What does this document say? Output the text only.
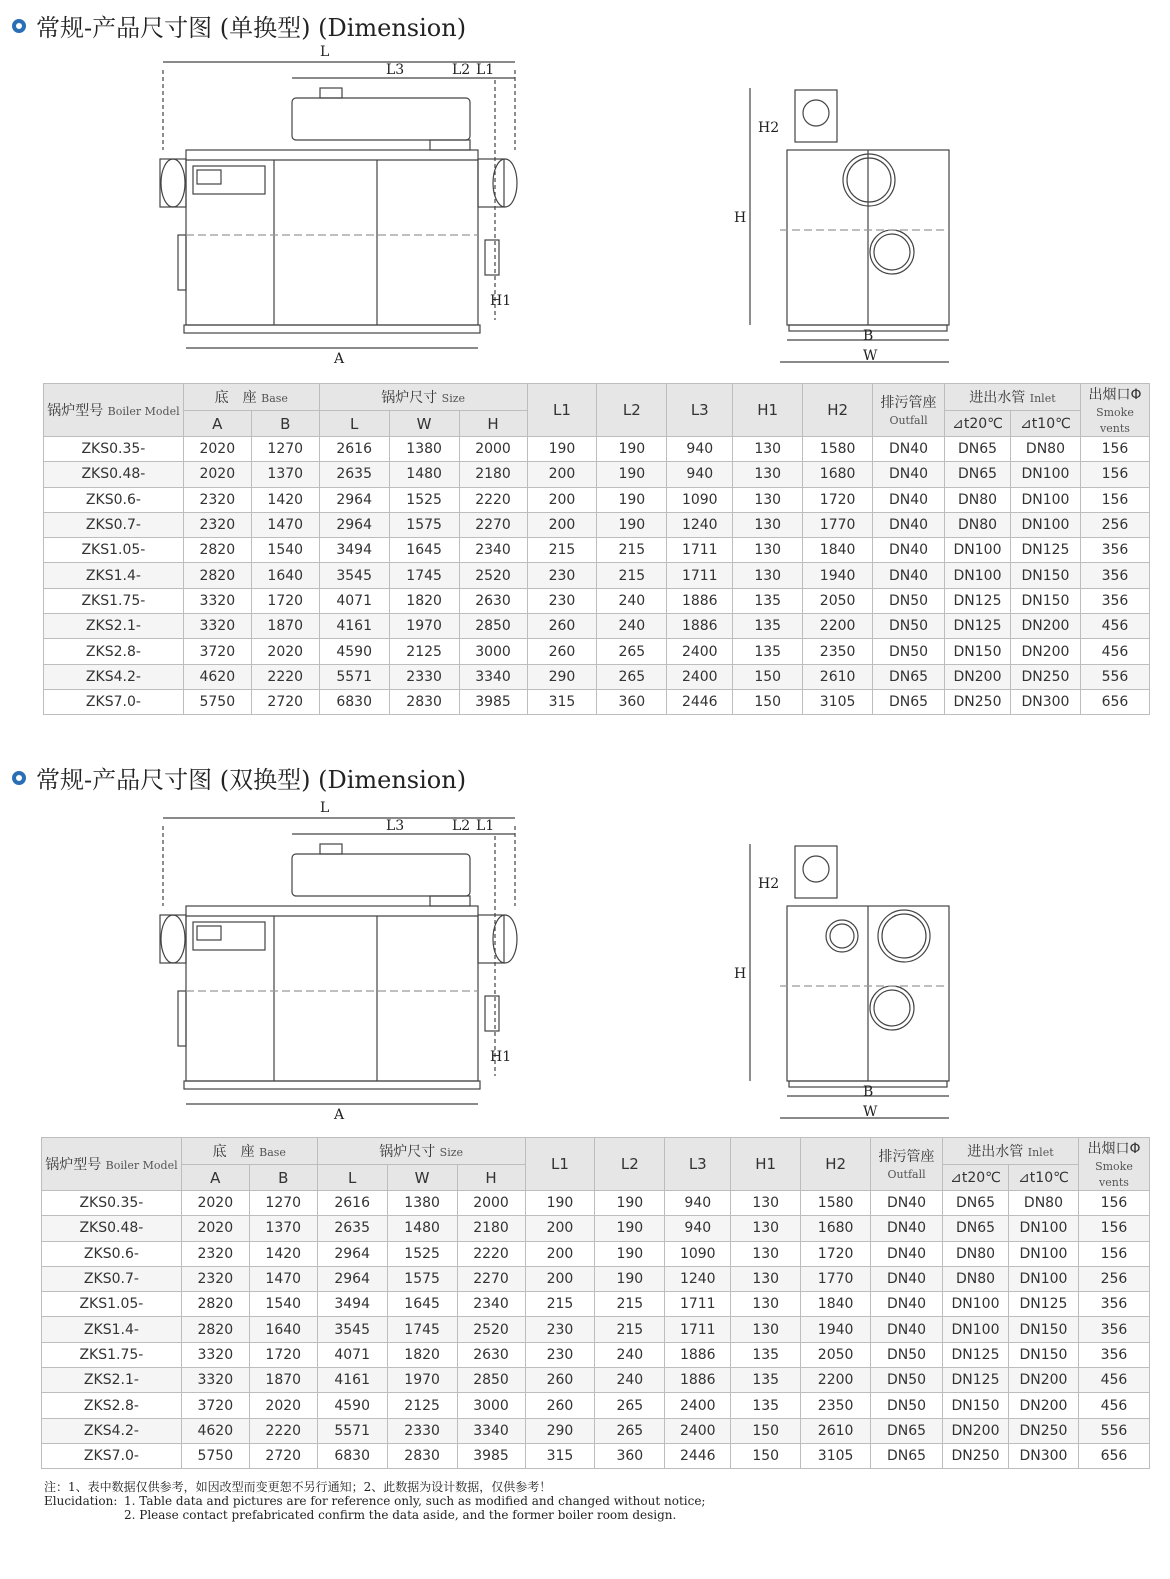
常规-产品尺寸图 (单换型) (Dimension)
L
L3	L2 L1
H1
A
H2
H
B
W
锅炉型号 Boiler Model	底　座 Base		锅炉尺寸 Size			L1	L2	L3	H1	H2	排污管座
Outfall	进出水管 Inlet		出烟口Φ
Smoke vents
	A	B	L	W	H							⊿t20℃	⊿t10℃	
ZKS0.35-	2020	1270	2616	1380	2000	190	190	940	130	1580	DN40	DN65	DN80	156
ZKS0.48-	2020	1370	2635	1480	2180	200	190	940	130	1680	DN40	DN65	DN100	156
ZKS0.6-	2320	1420	2964	1525	2220	200	190	1090	130	1720	DN40	DN80	DN100	156
ZKS0.7-	2320	1470	2964	1575	2270	200	190	1240	130	1770	DN40	DN80	DN100	256
ZKS1.05-	2820	1540	3494	1645	2340	215	215	1711	130	1840	DN40	DN100	DN125	356
ZKS1.4-	2820	1640	3545	1745	2520	230	215	1711	130	1940	DN40	DN100	DN150	356
ZKS1.75-	3320	1720	4071	1820	2630	230	240	1886	135	2050	DN50	DN125	DN150	356
ZKS2.1-	3320	1870	4161	1970	2850	260	240	1886	135	2200	DN50	DN125	DN200	456
ZKS2.8-	3720	2020	4590	2125	3000	260	265	2400	135	2350	DN50	DN150	DN200	456
ZKS4.2-	4620	2220	5571	2330	3340	290	265	2400	150	2610	DN65	DN200	DN250	556
ZKS7.0-	5750	2720	6830	2830	3985	315	360	2446	150	3105	DN65	DN250	DN300	656
常规-产品尺寸图 (双换型) (Dimension)
L
L3	L2 L1
H1
A
H2
H
B
W
锅炉型号 Boiler Model	底　座 Base		锅炉尺寸 Size			L1	L2	L3	H1	H2	排污管座
Outfall	进出水管 Inlet		出烟口Φ
Smoke vents
	A	B	L	W	H							⊿t20℃	⊿t10℃	
ZKS0.35-	2020	1270	2616	1380	2000	190	190	940	130	1580	DN40	DN65	DN80	156
ZKS0.48-	2020	1370	2635	1480	2180	200	190	940	130	1680	DN40	DN65	DN100	156
ZKS0.6-	2320	1420	2964	1525	2220	200	190	1090	130	1720	DN40	DN80	DN100	156
ZKS0.7-	2320	1470	2964	1575	2270	200	190	1240	130	1770	DN40	DN80	DN100	256
ZKS1.05-	2820	1540	3494	1645	2340	215	215	1711	130	1840	DN40	DN100	DN125	356
ZKS1.4-	2820	1640	3545	1745	2520	230	215	1711	130	1940	DN40	DN100	DN150	356
ZKS1.75-	3320	1720	4071	1820	2630	230	240	1886	135	2050	DN50	DN125	DN150	356
ZKS2.1-	3320	1870	4161	1970	2850	260	240	1886	135	2200	DN50	DN125	DN200	456
ZKS2.8-	3720	2020	4590	2125	3000	260	265	2400	135	2350	DN50	DN150	DN200	456
ZKS4.2-	4620	2220	5571	2330	3340	290	265	2400	150	2610	DN65	DN200	DN250	556
ZKS7.0-	5750	2720	6830	2830	3985	315	360	2446	150	3105	DN65	DN250	DN300	656
注：1、表中数据仅供参考，如因改型而变更恕不另行通知；2、此数据为设计数据，仅供参考！
Elucidation: 1. Table data and pictures are for reference only, such as modified and changed without notice;
2. Please contact prefabricated confirm the data aside, and the former boiler room design.
